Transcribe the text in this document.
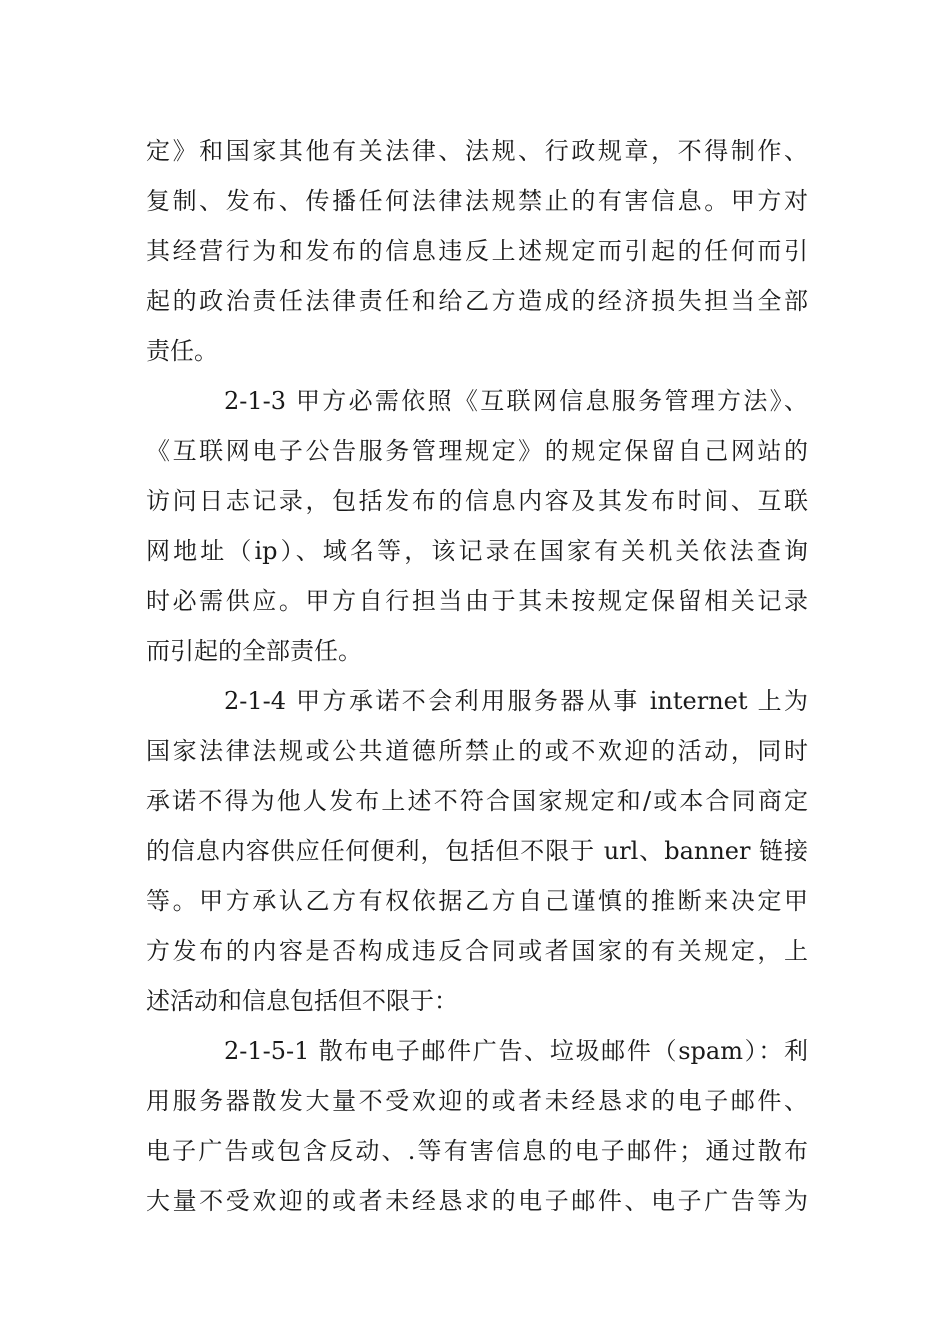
定》和国家其他有关法律、法规、行政规章，不得制作、
复制、发布、传播任何法律法规禁止的有害信息。甲方对
其经营行为和发布的信息违反上述规定而引起的任何而引
起的政治责任法律责任和给乙方造成的经济损失担当全部
责任。
2-1-3 甲方必需依照《互联网信息服务管理方法》、
《互联网电子公告服务管理规定》的规定保留自己网站的
访问日志记录，包括发布的信息内容及其发布时间、互联
网地址（ip）、域名等，该记录在国家有关机关依法查询
时必需供应。甲方自行担当由于其未按规定保留相关记录
而引起的全部责任。
2-1-4 甲方承诺不会利用服务器从事 internet 上为
国家法律法规或公共道德所禁止的或不欢迎的活动，同时
承诺不得为他人发布上述不符合国家规定和/或本合同商定
的信息内容供应任何便利，包括但不限于 url、banner 链接
等。甲方承认乙方有权依据乙方自己谨慎的推断来决定甲
方发布的内容是否构成违反合同或者国家的有关规定，上
述活动和信息包括但不限于：
2-1-5-1 散布电子邮件广告、垃圾邮件（spam）：利
用服务器散发大量不受欢迎的或者未经恳求的电子邮件、
电子广告或包含反动、.等有害信息的电子邮件；通过散布
大量不受欢迎的或者未经恳求的电子邮件、电子广告等为
